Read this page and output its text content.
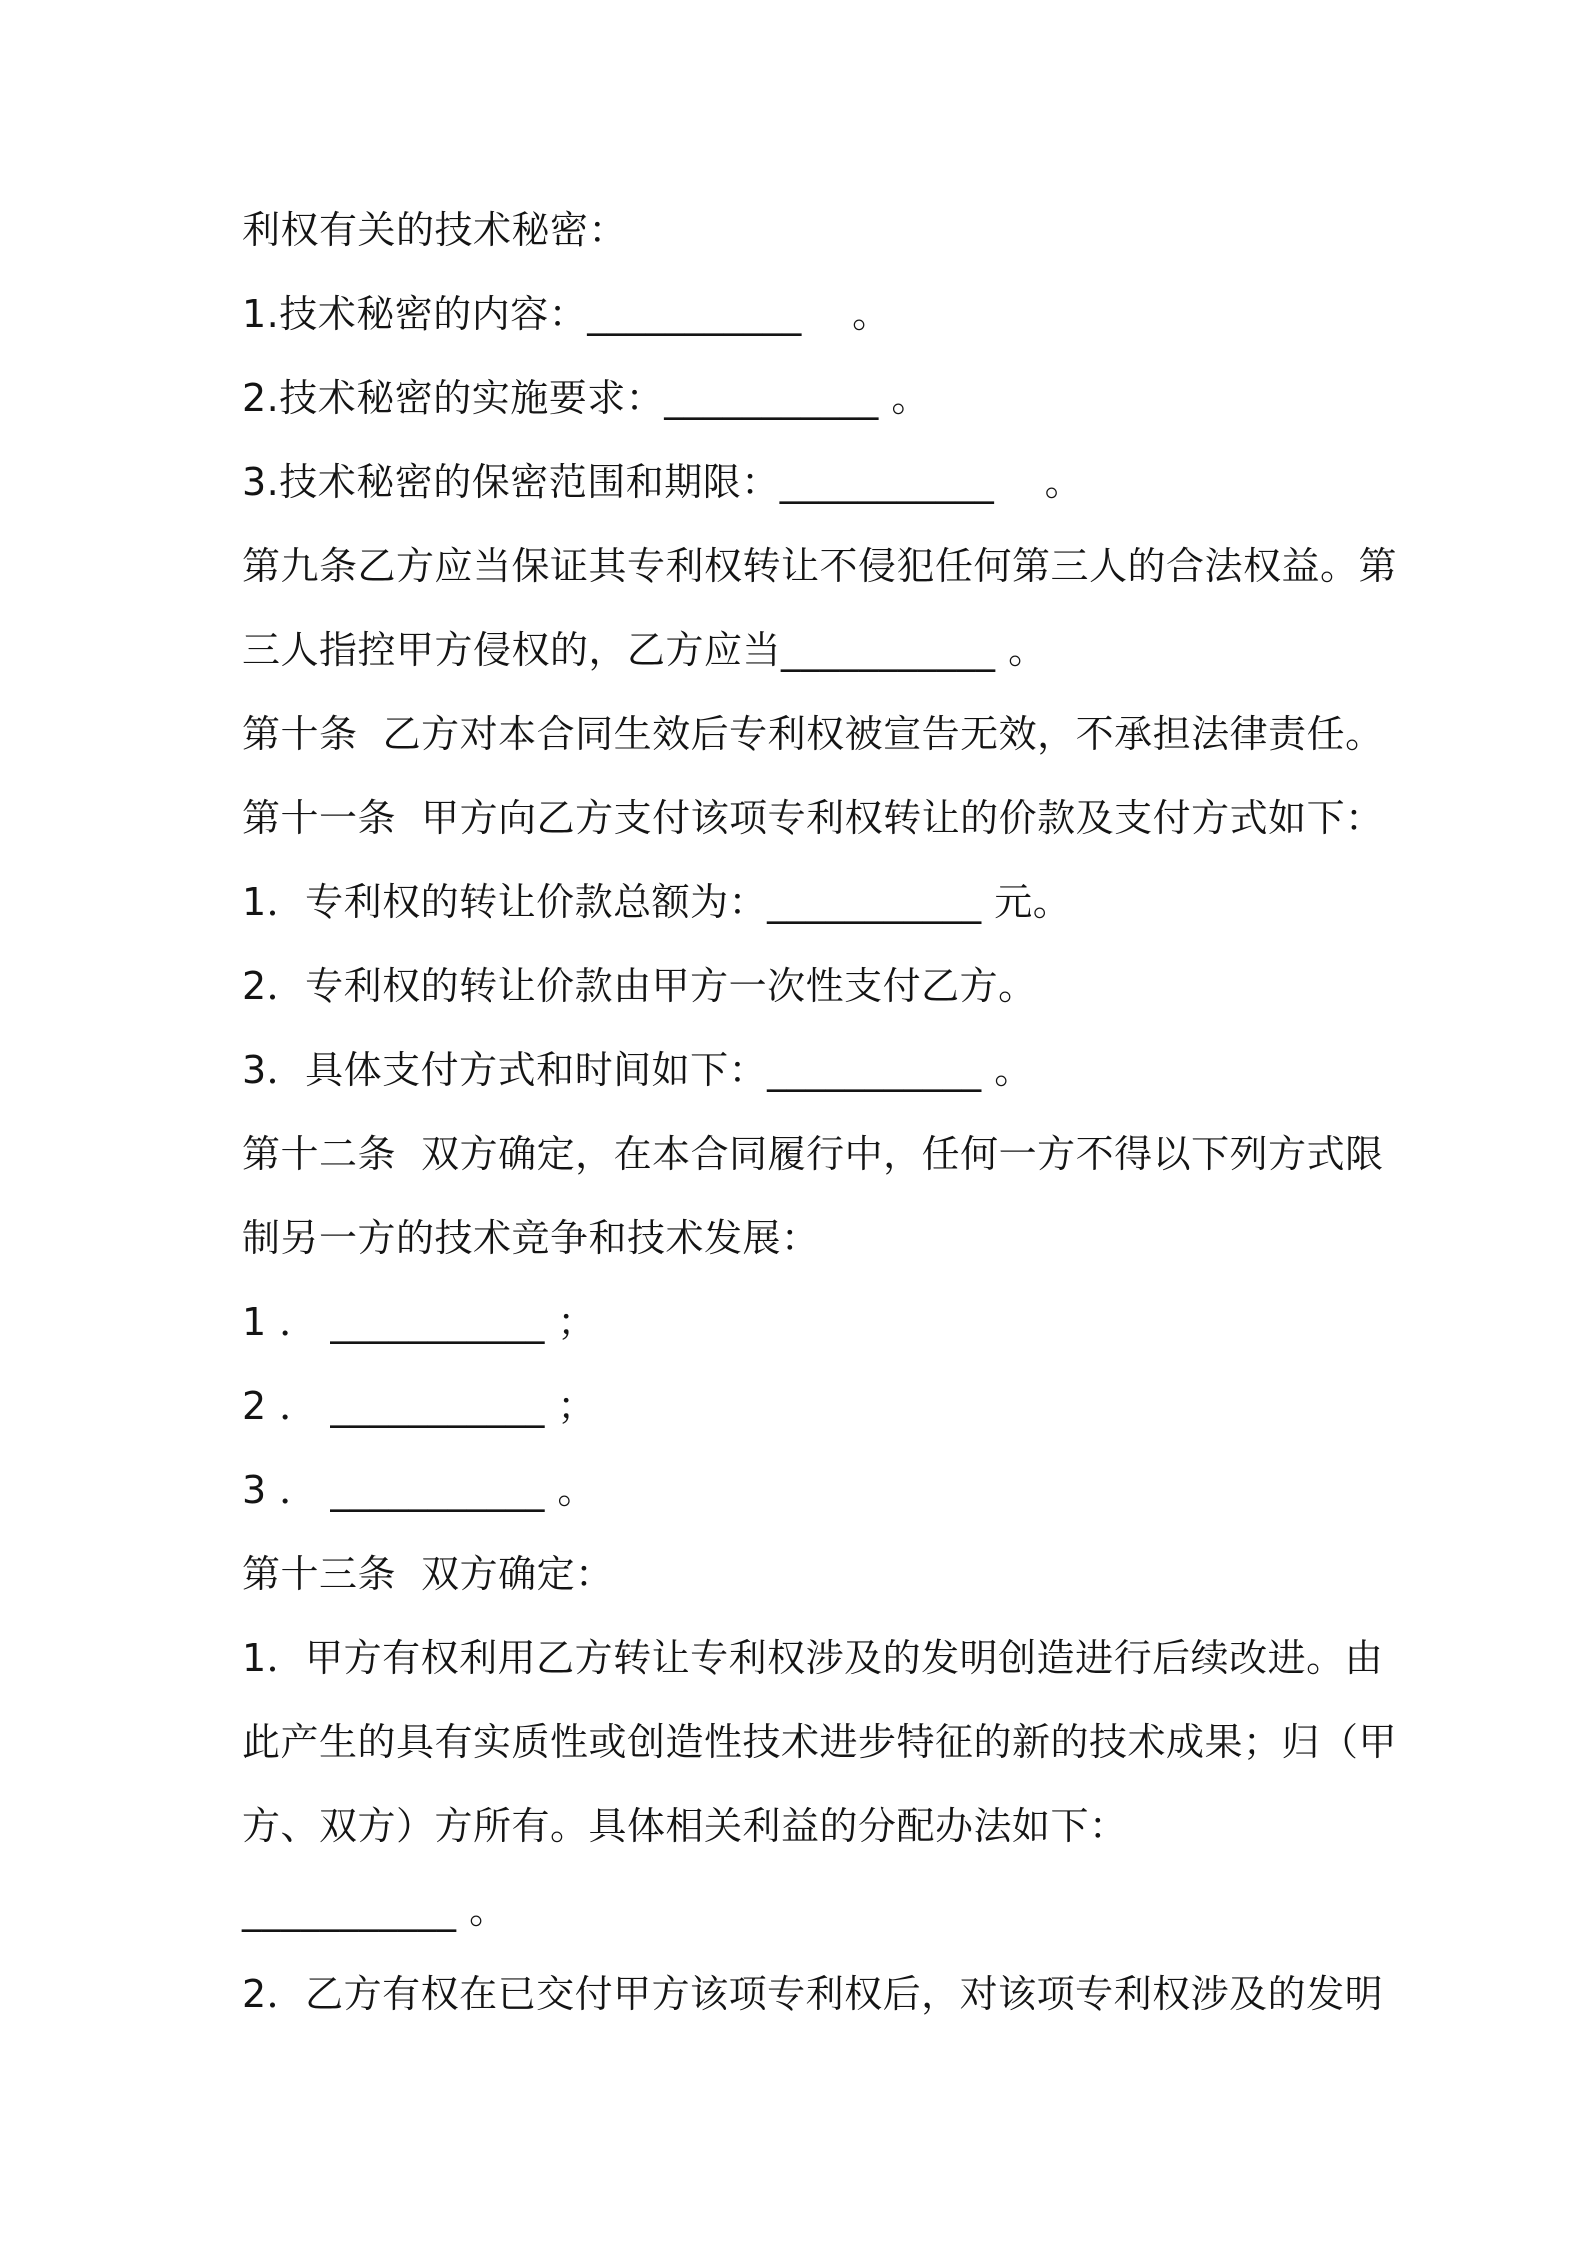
利权有关的技术秘密：
1.技术秘密的内容：___________    。
2.技术秘密的实施要求：___________ 。
3.技术秘密的保密范围和期限：___________    。
第九条乙方应当保证其专利权转让不侵犯任何第三人的合法权益。第
三人指控甲方侵权的，乙方应当___________ 。
第十条  乙方对本合同生效后专利权被宣告无效，不承担法律责任。
第十一条  甲方向乙方支付该项专利权转让的价款及支付方式如下：
1．专利权的转让价款总额为：___________ 元。
2．专利权的转让价款由甲方一次性支付乙方。
3．具体支付方式和时间如下：___________ 。
第十二条  双方确定，在本合同履行中，任何一方不得以下列方式限
制另一方的技术竞争和技术发展：
1 ． ___________ ；
2 ． ___________ ；
3 ． ___________ 。
第十三条  双方确定：
1．甲方有权利用乙方转让专利权涉及的发明创造进行后续改进。由
此产生的具有实质性或创造性技术进步特征的新的技术成果；归（甲
方、双方）方所有。具体相关利益的分配办法如下：
___________ 。
2．乙方有权在已交付甲方该项专利权后，对该项专利权涉及的发明
